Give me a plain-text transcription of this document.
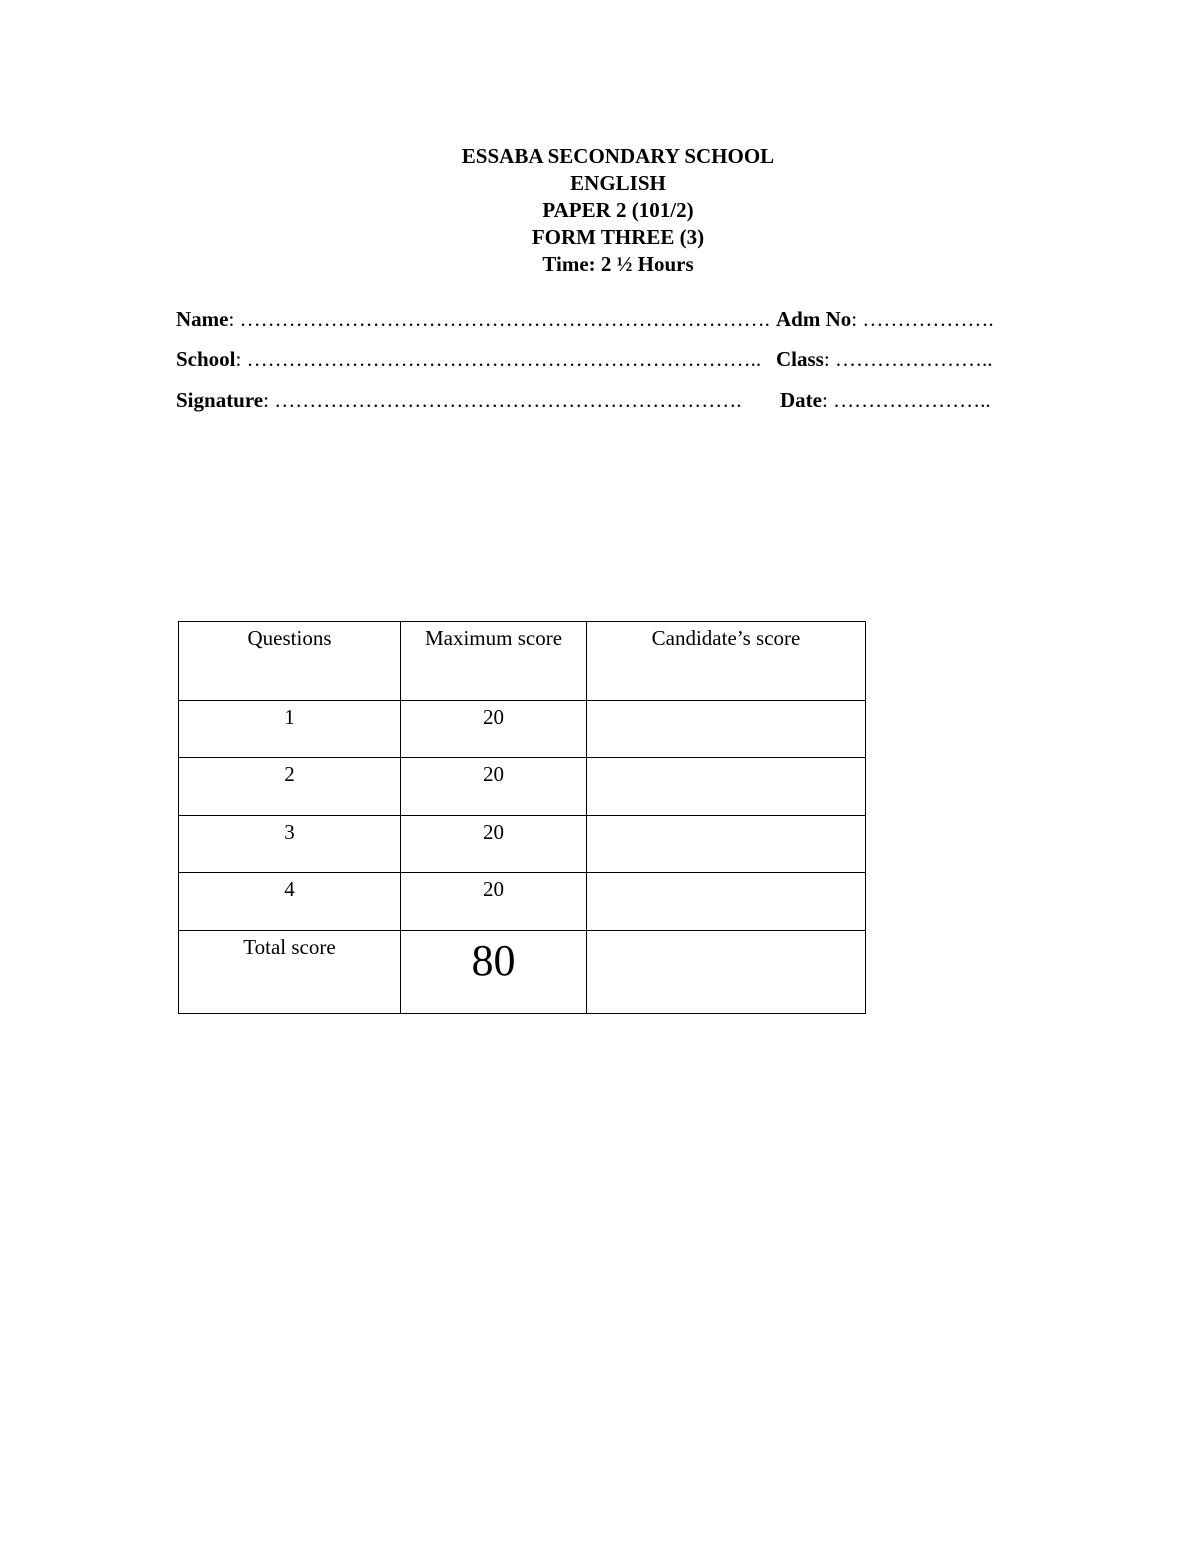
ESSABA SECONDARY SCHOOL
ENGLISH
PAPER 2 (101/2)
FORM THREE (3)
Time: 2 ½ Hours
Name: …………………………………………………………………. Adm No: ……………….
School: ……………………………………………………………….. Class: …………………..
Signature: …………………………………………………………. Date: …………………..
Questions	Maximum score	Candidate’s score
1	20	
2	20	
3	20	
4	20	
Total score	80	
